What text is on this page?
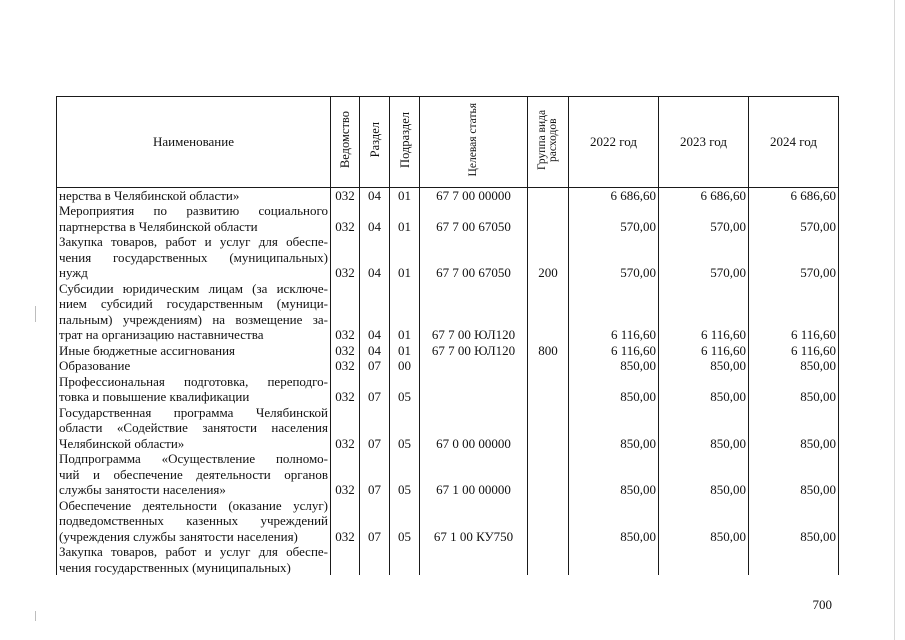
Наименование	Ведомство	Раздел	Подраздел	Целевая статья	Группа вида расходов	2022 год	2023 год	2024 год

нерства в Челябинской области»	032	04	01	67 7 00 00000		6 686,60	6 686,60	6 686,60

Мероприятия по развитию социального
партнерства в Челябинской области	032	04	01	67 7 00 67050		570,00	570,00	570,00

Закупка товаров, работ и услуг для обеспе-
чения государственных (муниципальных)
нужд	032	04	01	67 7 00 67050	200	570,00	570,00	570,00

Субсидии юридическим лицам (за исключе-
нием субсидий государственным (муници-
пальным) учреждениям) на возмещение за-
трат на организацию наставничества	032	04	01	67 7 00 ЮЛ120		6 116,60	6 116,60	6 116,60

Иные бюджетные ассигнования	032	04	01	67 7 00 ЮЛ120	800	6 116,60	6 116,60	6 116,60

Образование	032	07	00			850,00	850,00	850,00

Профессиональная подготовка, переподго-
товка и повышение квалификации	032	07	05			850,00	850,00	850,00

Государственная программа Челябинской
области «Содействие занятости населения
Челябинской области»	032	07	05	67 0 00 00000		850,00	850,00	850,00

Подпрограмма «Осуществление полномо-
чий и обеспечение деятельности органов
службы занятости населения»	032	07	05	67 1 00 00000		850,00	850,00	850,00

Обеспечение деятельности (оказание услуг)
подведомственных казенных учреждений
(учреждения службы занятости населения)	032	07	05	67 1 00 КУ750		850,00	850,00	850,00

Закупка товаров, работ и услуг для обеспе-
чения государственных (муниципальных)								

700
